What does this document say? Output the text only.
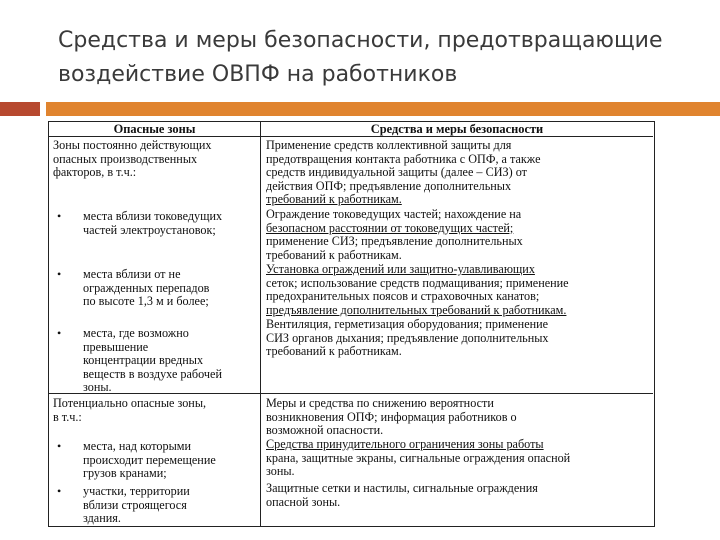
Средства и меры безопасности, предотвращающие
воздействие ОВПФ на работников
Опасные зоны	Средства и меры безопасности
Зоны постоянно действующих
опасных производственных
факторов, в т.ч.:
• места вблизи токоведущих
частей электроустановок;
• места вблизи от не
огражденных перепадов
по высоте 1,3 м и более;
• места, где возможно
превышение
концентрации вредных
веществ в воздухе рабочей
зоны.
Применение средств коллективной защиты для
предотвращения контакта работника с ОПФ, а также
средств индивидуальной защиты (далее – СИЗ) от
действия ОПФ; предъявление дополнительных
требований к работникам.
Ограждение токоведущих частей; нахождение на
безопасном расстоянии от токоведущих частей;
применение СИЗ; предъявление дополнительных
требований к работникам.
Установка ограждений или защитно-улавливающих
сеток; использование средств подмащивания; применение
предохранительных поясов и страховочных канатов;
предъявление дополнительных требований к работникам.
Вентиляция, герметизация оборудования; применение
СИЗ органов дыхания; предъявление дополнительных
требований к работникам.
Потенциально опасные зоны,
в т.ч.:
• места, над которыми
происходит перемещение
грузов кранами;
• участки, территории
вблизи строящегося
здания.
Меры и средства по снижению вероятности
возникновения ОПФ; информация работников о
возможной опасности.
Средства принудительного ограничения зоны работы
крана, защитные экраны, сигнальные ограждения опасной
зоны.
Защитные сетки и настилы, сигнальные ограждения
опасной зоны.
